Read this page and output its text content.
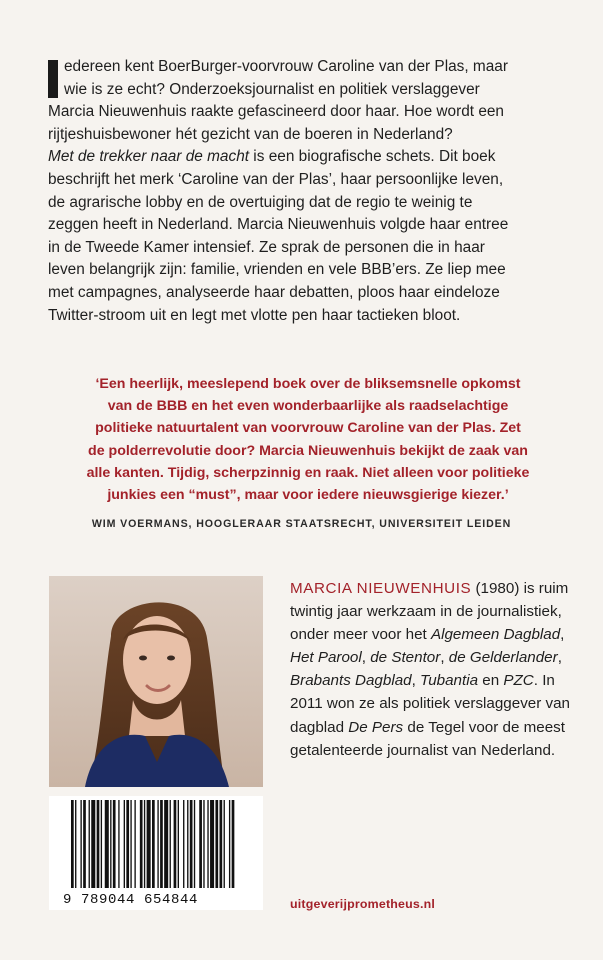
edereen kent BoerBurger-voorvrouw Caroline van der Plas, maar
wie is ze echt? Onderzoeksjournalist en politiek verslaggever
Marcia Nieuwenhuis raakte gefascineerd door haar. Hoe wordt een
rijtjeshuisbewoner hét gezicht van de boeren in Nederland?
Met de trekker naar de macht is een biografische schets. Dit boek
beschrijft het merk ‘Caroline van der Plas’, haar persoonlijke leven,
de agrarische lobby en de overtuiging dat de regio te weinig te
zeggen heeft in Nederland. Marcia Nieuwenhuis volgde haar entree
in de Tweede Kamer intensief. Ze sprak de personen die in haar
leven belangrijk zijn: familie, vrienden en vele BBB’ers. Ze liep mee
met campagnes, analyseerde haar debatten, ploos haar eindeloze
Twitter-stroom uit en legt met vlotte pen haar tactieken bloot.

‘Een heerlijk, meeslepend boek over de bliksemsnelle opkomst
van de BBB en het even wonderbaarlijke als raadselachtige
politieke natuurtalent van voorvrouw Caroline van der Plas. Zet
de polderrevolutie door? Marcia Nieuwenhuis bekijkt de zaak van
alle kanten. Tijdig, scherpzinnig en raak. Niet alleen voor politieke
junkies een “must”, maar voor iedere nieuwsgierige kiezer.’
WIM VOERMANS, HOOGLERAAR STAATSRECHT, UNIVERSITEIT LEIDEN
9 789044 654844
MARCIA NIEUWENHUIS (1980) is ruim twintig jaar werkzaam in de journalistiek, onder meer voor het Algemeen Dagblad, Het Parool, de Stentor, de Gelderlander, Brabants Dagblad, Tubantia en PZC. In 2011 won ze als politiek verslaggever van dagblad De Pers de Tegel voor de meest getalenteerde journalist van Nederland.
uitgeverijprometheus.nl
